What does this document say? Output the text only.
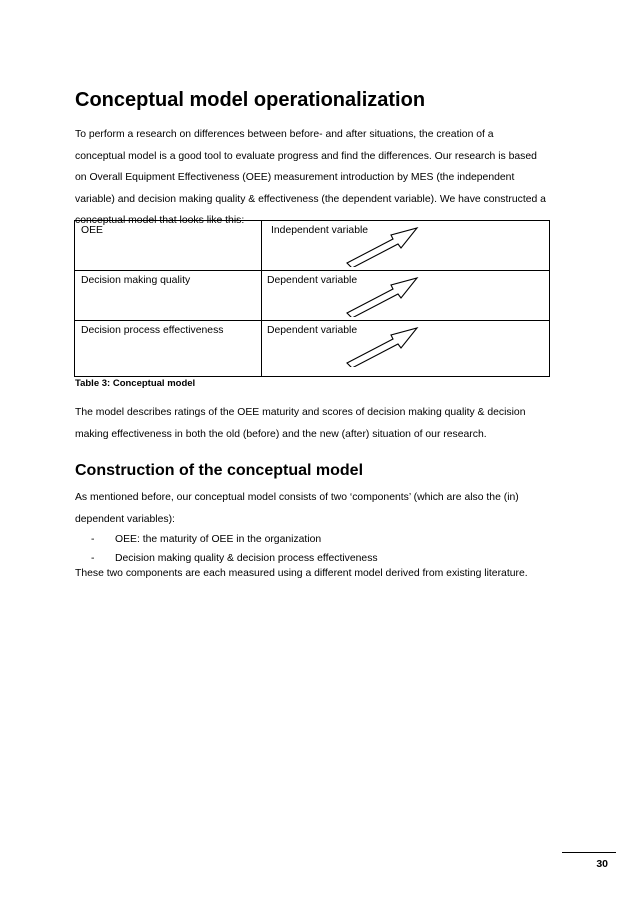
Conceptual model operationalization

To perform a research on differences between before- and after situations, the creation of a
conceptual model is a good tool to evaluate progress and find the differences. Our research is based
on Overall Equipment Effectiveness (OEE) measurement introduction by MES (the independent
variable) and decision making quality & effectiveness (the dependent variable). We have constructed a
conceptual model that looks like this:

OEE	Independent variable
Decision making quality	Dependent variable
Decision process effectiveness	Dependent variable
Table 3: Conceptual model

The model describes ratings of the OEE maturity and scores of decision making quality & decision
making effectiveness in both the old (before) and the new (after) situation of our research.

Construction of the conceptual model

As mentioned before, our conceptual model consists of two ‘components’ (which are also the (in)
dependent variables):

- OEE: the maturity of OEE in the organization
- Decision making quality & decision process effectiveness

These two components are each measured using a different model derived from existing literature.

30
